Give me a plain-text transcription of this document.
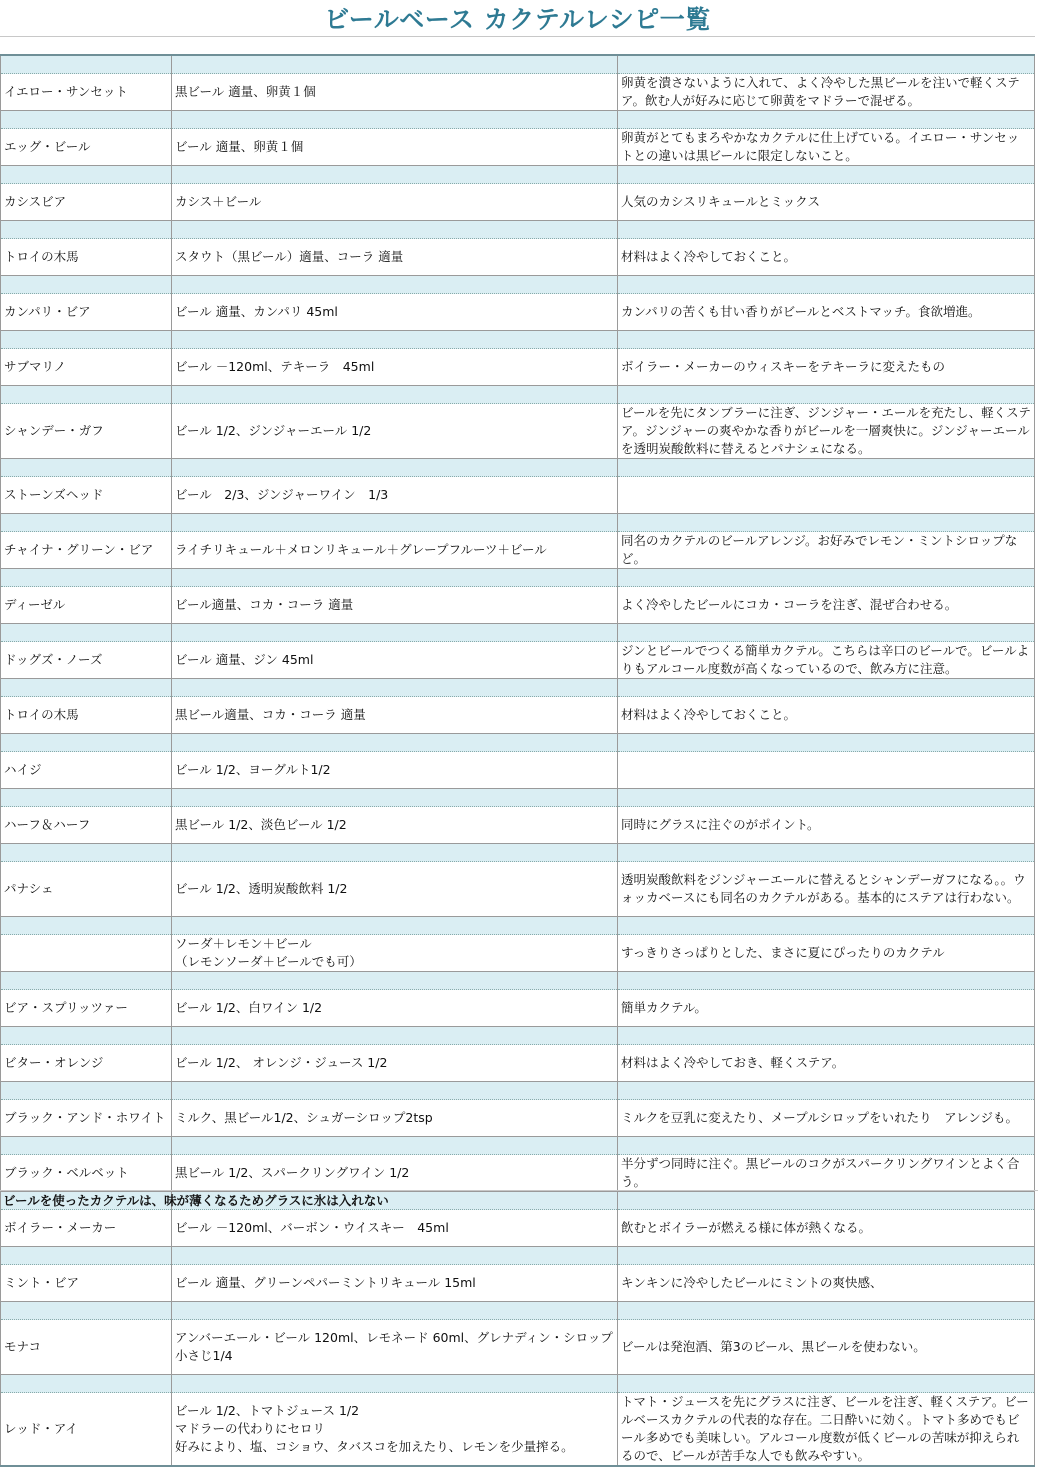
ビールベース カクテルレシピ一覧

イエロー・サンセット	黒ビール 適量、卵黄１個	卵黄を潰さないように入れて、よく冷やした黒ビールを注いで軽くステア。飲む人が好みに応じて卵黄をマドラーで混ぜる。

エッグ・ビール	ビール 適量、卵黄１個	卵黄がとてもまろやかなカクテルに仕上げている。イエロー・サンセットとの違いは黒ビールに限定しないこと。

カシスビア	カシス＋ビール	人気のカシスリキュールとミックス

トロイの木馬	スタウト（黒ビール）適量、コーラ 適量	材料はよく冷やしておくこと。

カンパリ・ビア	ビール 適量、カンパリ 45ml	カンパリの苦くも甘い香りがビールとベストマッチ。食欲増進。

サブマリノ	ビール －120ml、テキーラ　45ml	ボイラー・メーカーのウィスキーをテキーラに変えたもの

シャンデー・ガフ	ビール 1/2、ジンジャーエール 1/2	ビールを先にタンブラーに注ぎ、ジンジャー・エールを充たし、軽くステア。ジンジャーの爽やかな香りがビールを一層爽快に。ジンジャーエールを透明炭酸飲料に替えるとパナシェになる。

ストーンズヘッド	ビール　2/3、ジンジャーワイン　1/3	

チャイナ・グリーン・ビア	ライチリキュール＋メロンリキュール＋グレープフルーツ＋ビール	同名のカクテルのビールアレンジ。お好みでレモン・ミントシロップなど。

ディーゼル	ビール適量、コカ・コーラ 適量	よく冷やしたビールにコカ・コーラを注ぎ、混ぜ合わせる。

ドッグズ・ノーズ	ビール 適量、ジン 45ml	ジンとビールでつくる簡単カクテル。こちらは辛口のビールで。ビールよりもアルコール度数が高くなっているので、飲み方に注意。

トロイの木馬	黒ビール適量、コカ・コーラ 適量	材料はよく冷やしておくこと。

ハイジ	ビール 1/2、ヨーグルト1/2	

ハーフ＆ハーフ	黒ビール 1/2、淡色ビール 1/2	同時にグラスに注ぐのがポイント。

パナシェ	ビール 1/2、透明炭酸飲料 1/2	透明炭酸飲料をジンジャーエールに替えるとシャンデーガフになる。。ウォッカベースにも同名のカクテルがある。基本的にステアは行わない。

	ソーダ＋レモン＋ビール
（レモンソーダ＋ビールでも可）	すっきりさっぱりとした、まさに夏にぴったりのカクテル

ビア・スプリッツァー	ビール 1/2、白ワイン 1/2	簡単カクテル。

ビター・オレンジ	ビール 1/2、 オレンジ・ジュース 1/2	材料はよく冷やしておき、軽くステア。

ブラック・アンド・ホワイト	ミルク、黒ビール1/2、シュガーシロップ2tsp	ミルクを豆乳に変えたり、メープルシロップをいれたり　アレンジも。

ブラック・ベルベット	黒ビール 1/2、スパークリングワイン 1/2	半分ずつ同時に注ぐ。黒ビールのコクがスパークリングワインとよく合う。

ボイラー・メーカー	ビール －120ml、バーボン・ウイスキー　45ml	飲むとボイラーが燃える様に体が熱くなる。

ミント・ビア	ビール 適量、グリーンペパーミントリキュール 15ml	キンキンに冷やしたビールにミントの爽快感、

モナコ	アンバーエール・ビール 120ml、レモネード 60ml、グレナディン・シロップ　小さじ1/4	ビールは発泡酒、第3のビール、黒ビールを使わない。

レッド・アイ	ビール 1/2、トマトジュース 1/2
マドラーの代わりにセロリ
好みにより、塩、コショウ、タバスコを加えたり、レモンを少量搾る。	トマト・ジュースを先にグラスに注ぎ、ビールを注ぎ、軽くステア。ビールベースカクテルの代表的な存在。二日酔いに効く。トマト多めでもビール多めでも美味しい。アルコール度数が低くビールの苦味が抑えられるので、ビールが苦手な人でも飲みやすい。
ビールを使ったカクテルは、味が薄くなるためグラスに氷は入れない
